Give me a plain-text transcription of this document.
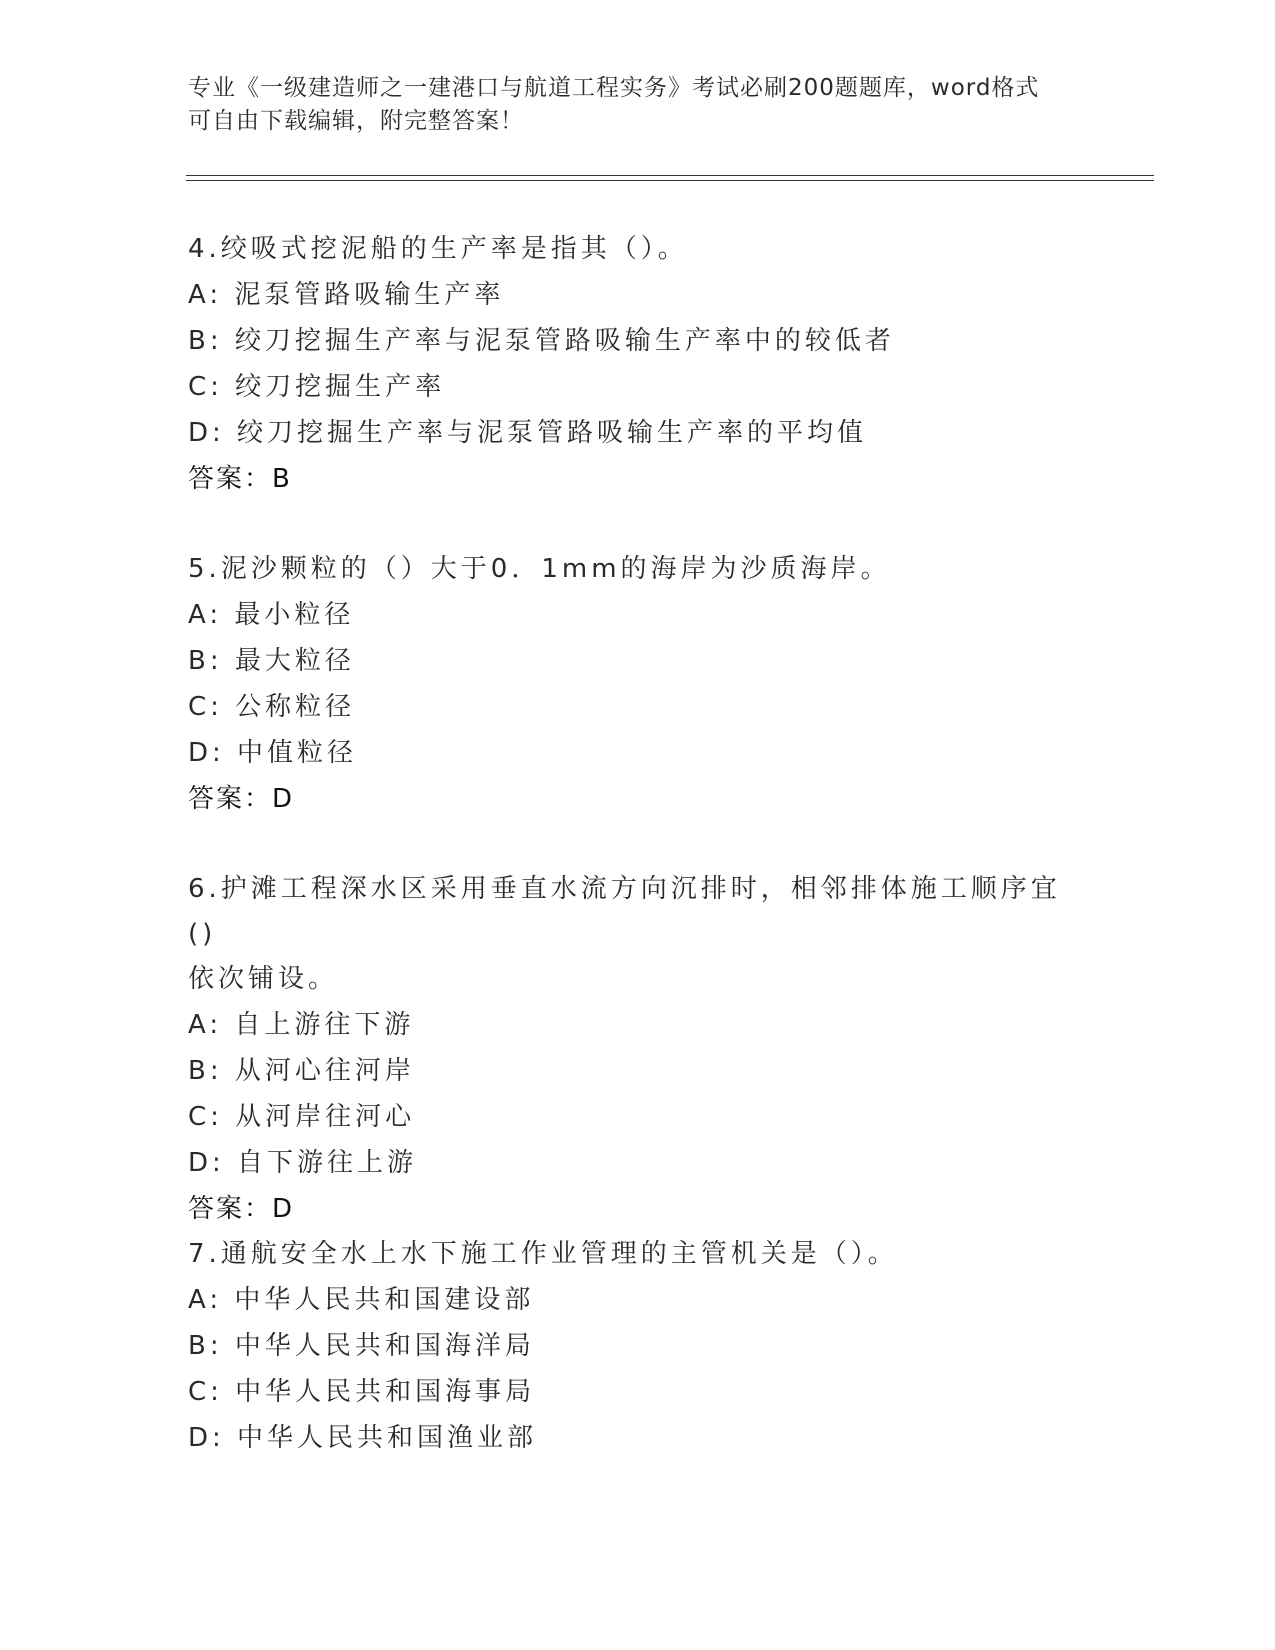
专业《一级建造师之一建港口与航道工程实务》考试必刷200题题库，word格式
可自由下载编辑，附完整答案！

4.绞吸式挖泥船的生产率是指其（）。

A: 泥泵管路吸输生产率

B: 绞刀挖掘生产率与泥泵管路吸输生产率中的较低者

C: 绞刀挖掘生产率

D: 绞刀挖掘生产率与泥泵管路吸输生产率的平均值

答案：B

5.泥沙颗粒的（）大于0．1mm的海岸为沙质海岸。

A: 最小粒径

B: 最大粒径

C: 公称粒径

D: 中值粒径

答案：D

6.护滩工程深水区采用垂直水流方向沉排时，相邻排体施工顺序宜()

依次铺设。

A: 自上游往下游

B: 从河心往河岸

C: 从河岸往河心

D: 自下游往上游

答案：D

7.通航安全水上水下施工作业管理的主管机关是（）。

A: 中华人民共和国建设部

B: 中华人民共和国海洋局

C: 中华人民共和国海事局

D: 中华人民共和国渔业部
